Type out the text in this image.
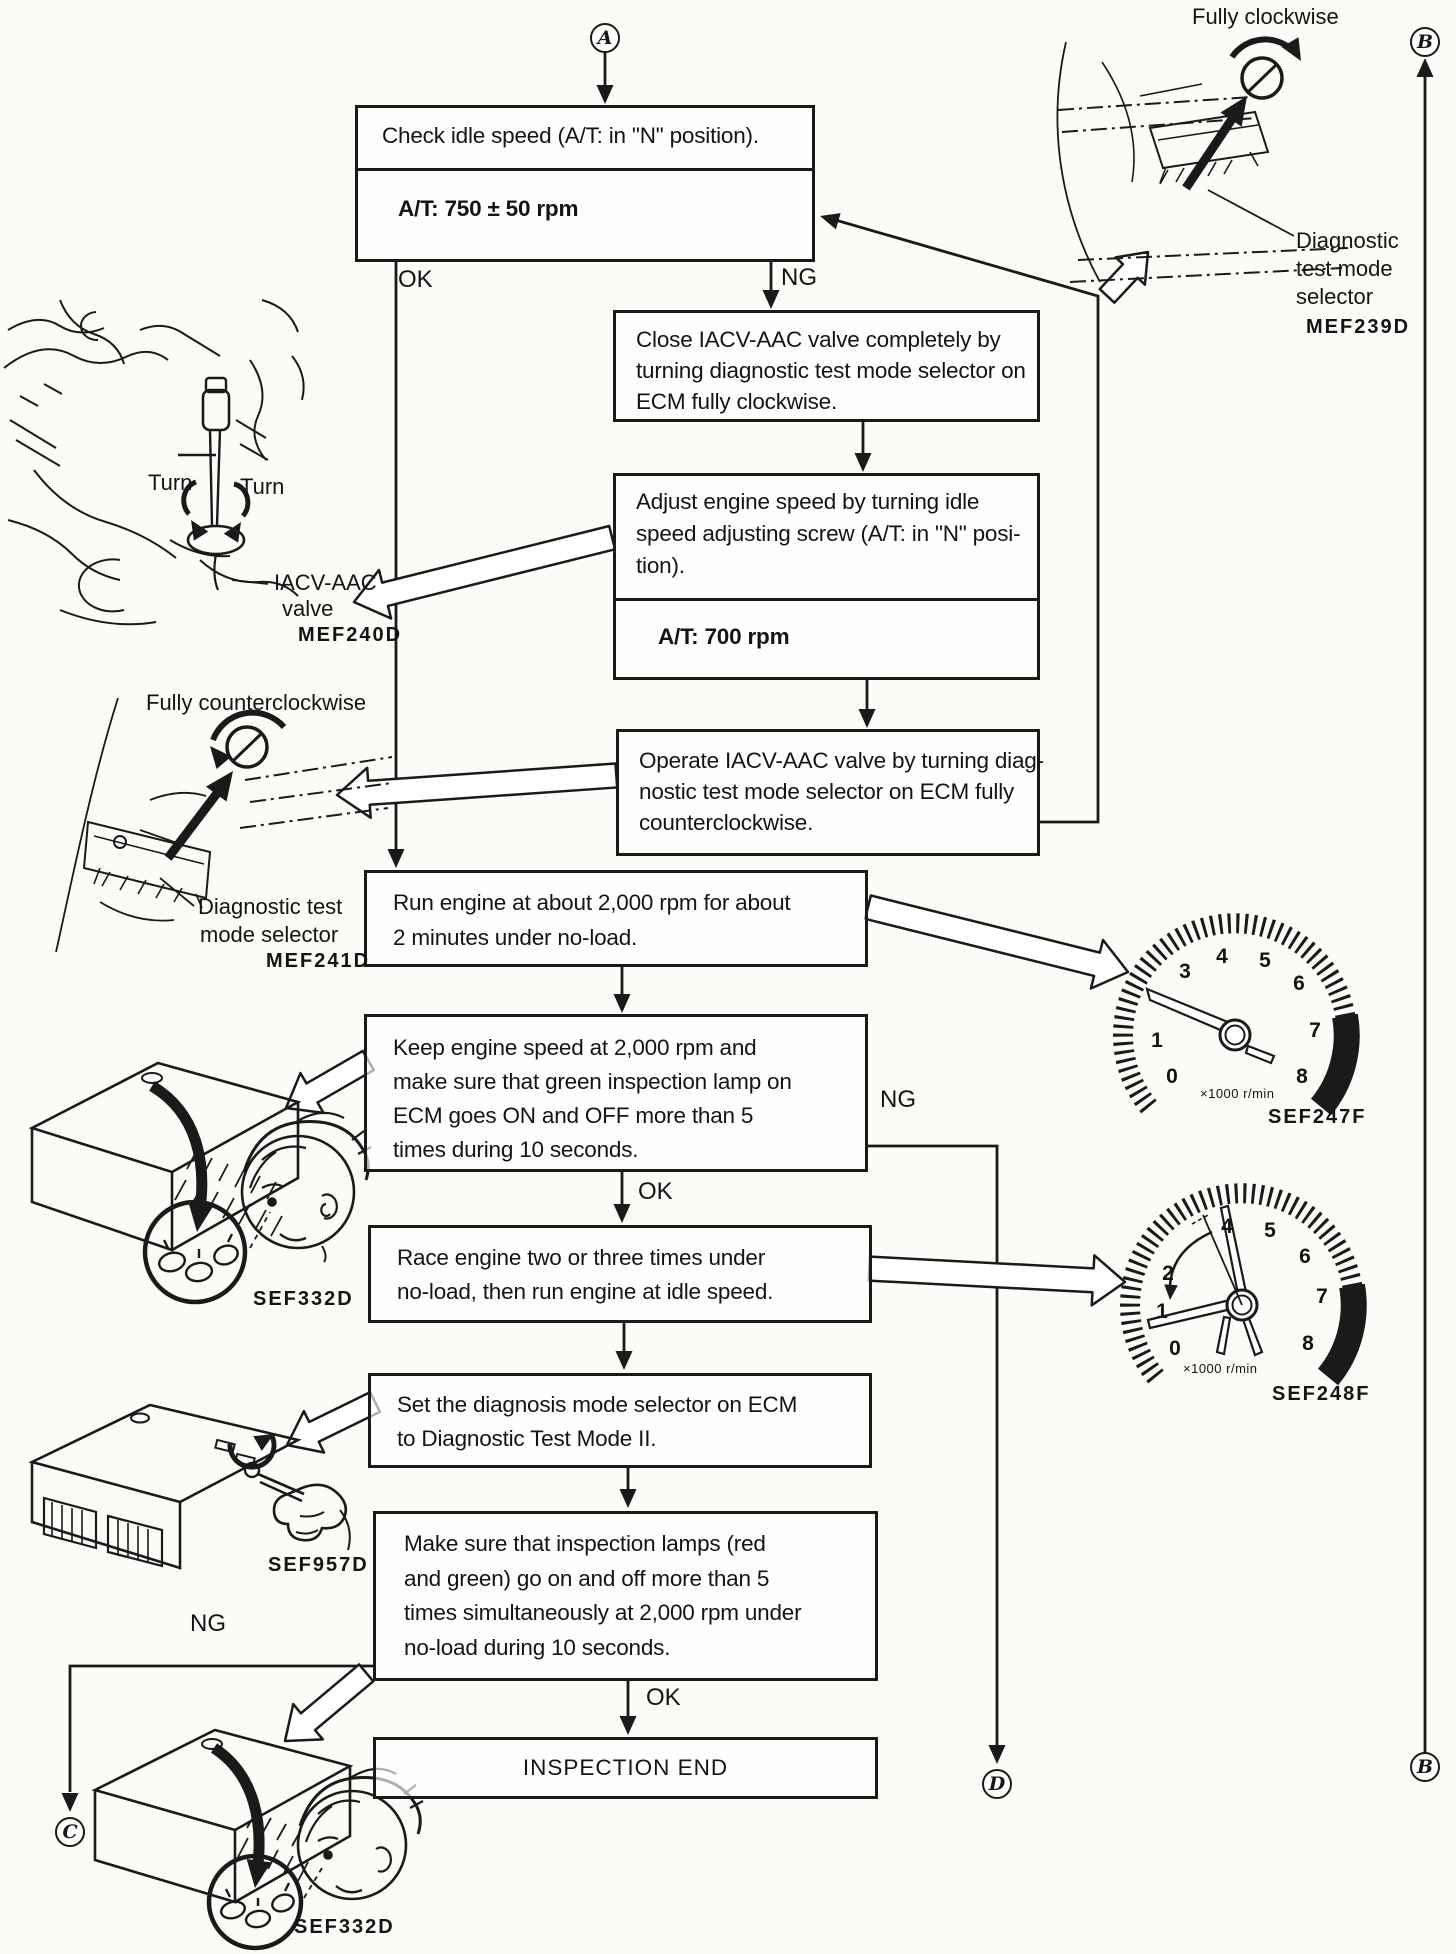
A	B
B
C
D
Check idle speed (A/T: in "N" position).
A/T: 750 ± 50 rpm
Close IACV-AAC valve completely by
turning diagnostic test mode selector on
ECM fully clockwise.
Adjust engine speed by turning idle
speed adjusting screw (A/T: in "N" posi-
tion).
A/T: 700 rpm
Operate IACV-AAC valve by turning diag-
nostic test mode selector on ECM fully
counterclockwise.
Run engine at about 2,000 rpm for about
2 minutes under no-load.
Keep engine speed at 2,000 rpm and
make sure that green inspection lamp on
ECM goes ON and OFF more than 5
times during 10 seconds.
Race engine two or three times under
no-load, then run engine at idle speed.
Set the diagnosis mode selector on ECM
to Diagnostic Test Mode II.
Make sure that inspection lamps (red
and green) go on and off more than 5
times simultaneously at 2,000 rpm under
no-load during 10 seconds.
INSPECTION END
OK	NG
OK
NG
OK
NG
Fully clockwise
Diagnostic
test mode
selector
MEF239D
Turn Turn
IACV-AAC
valve
MEF240D
Fully counterclockwise
Diagnostic test
mode selector
MEF241D
SEF332D
SEF957D
SEF332D
0
1
3
4	5
6
7
8
×1000 r/min
SEF247F
0
1
2
4	5
6
7
8
×1000 r/min
SEF248F
